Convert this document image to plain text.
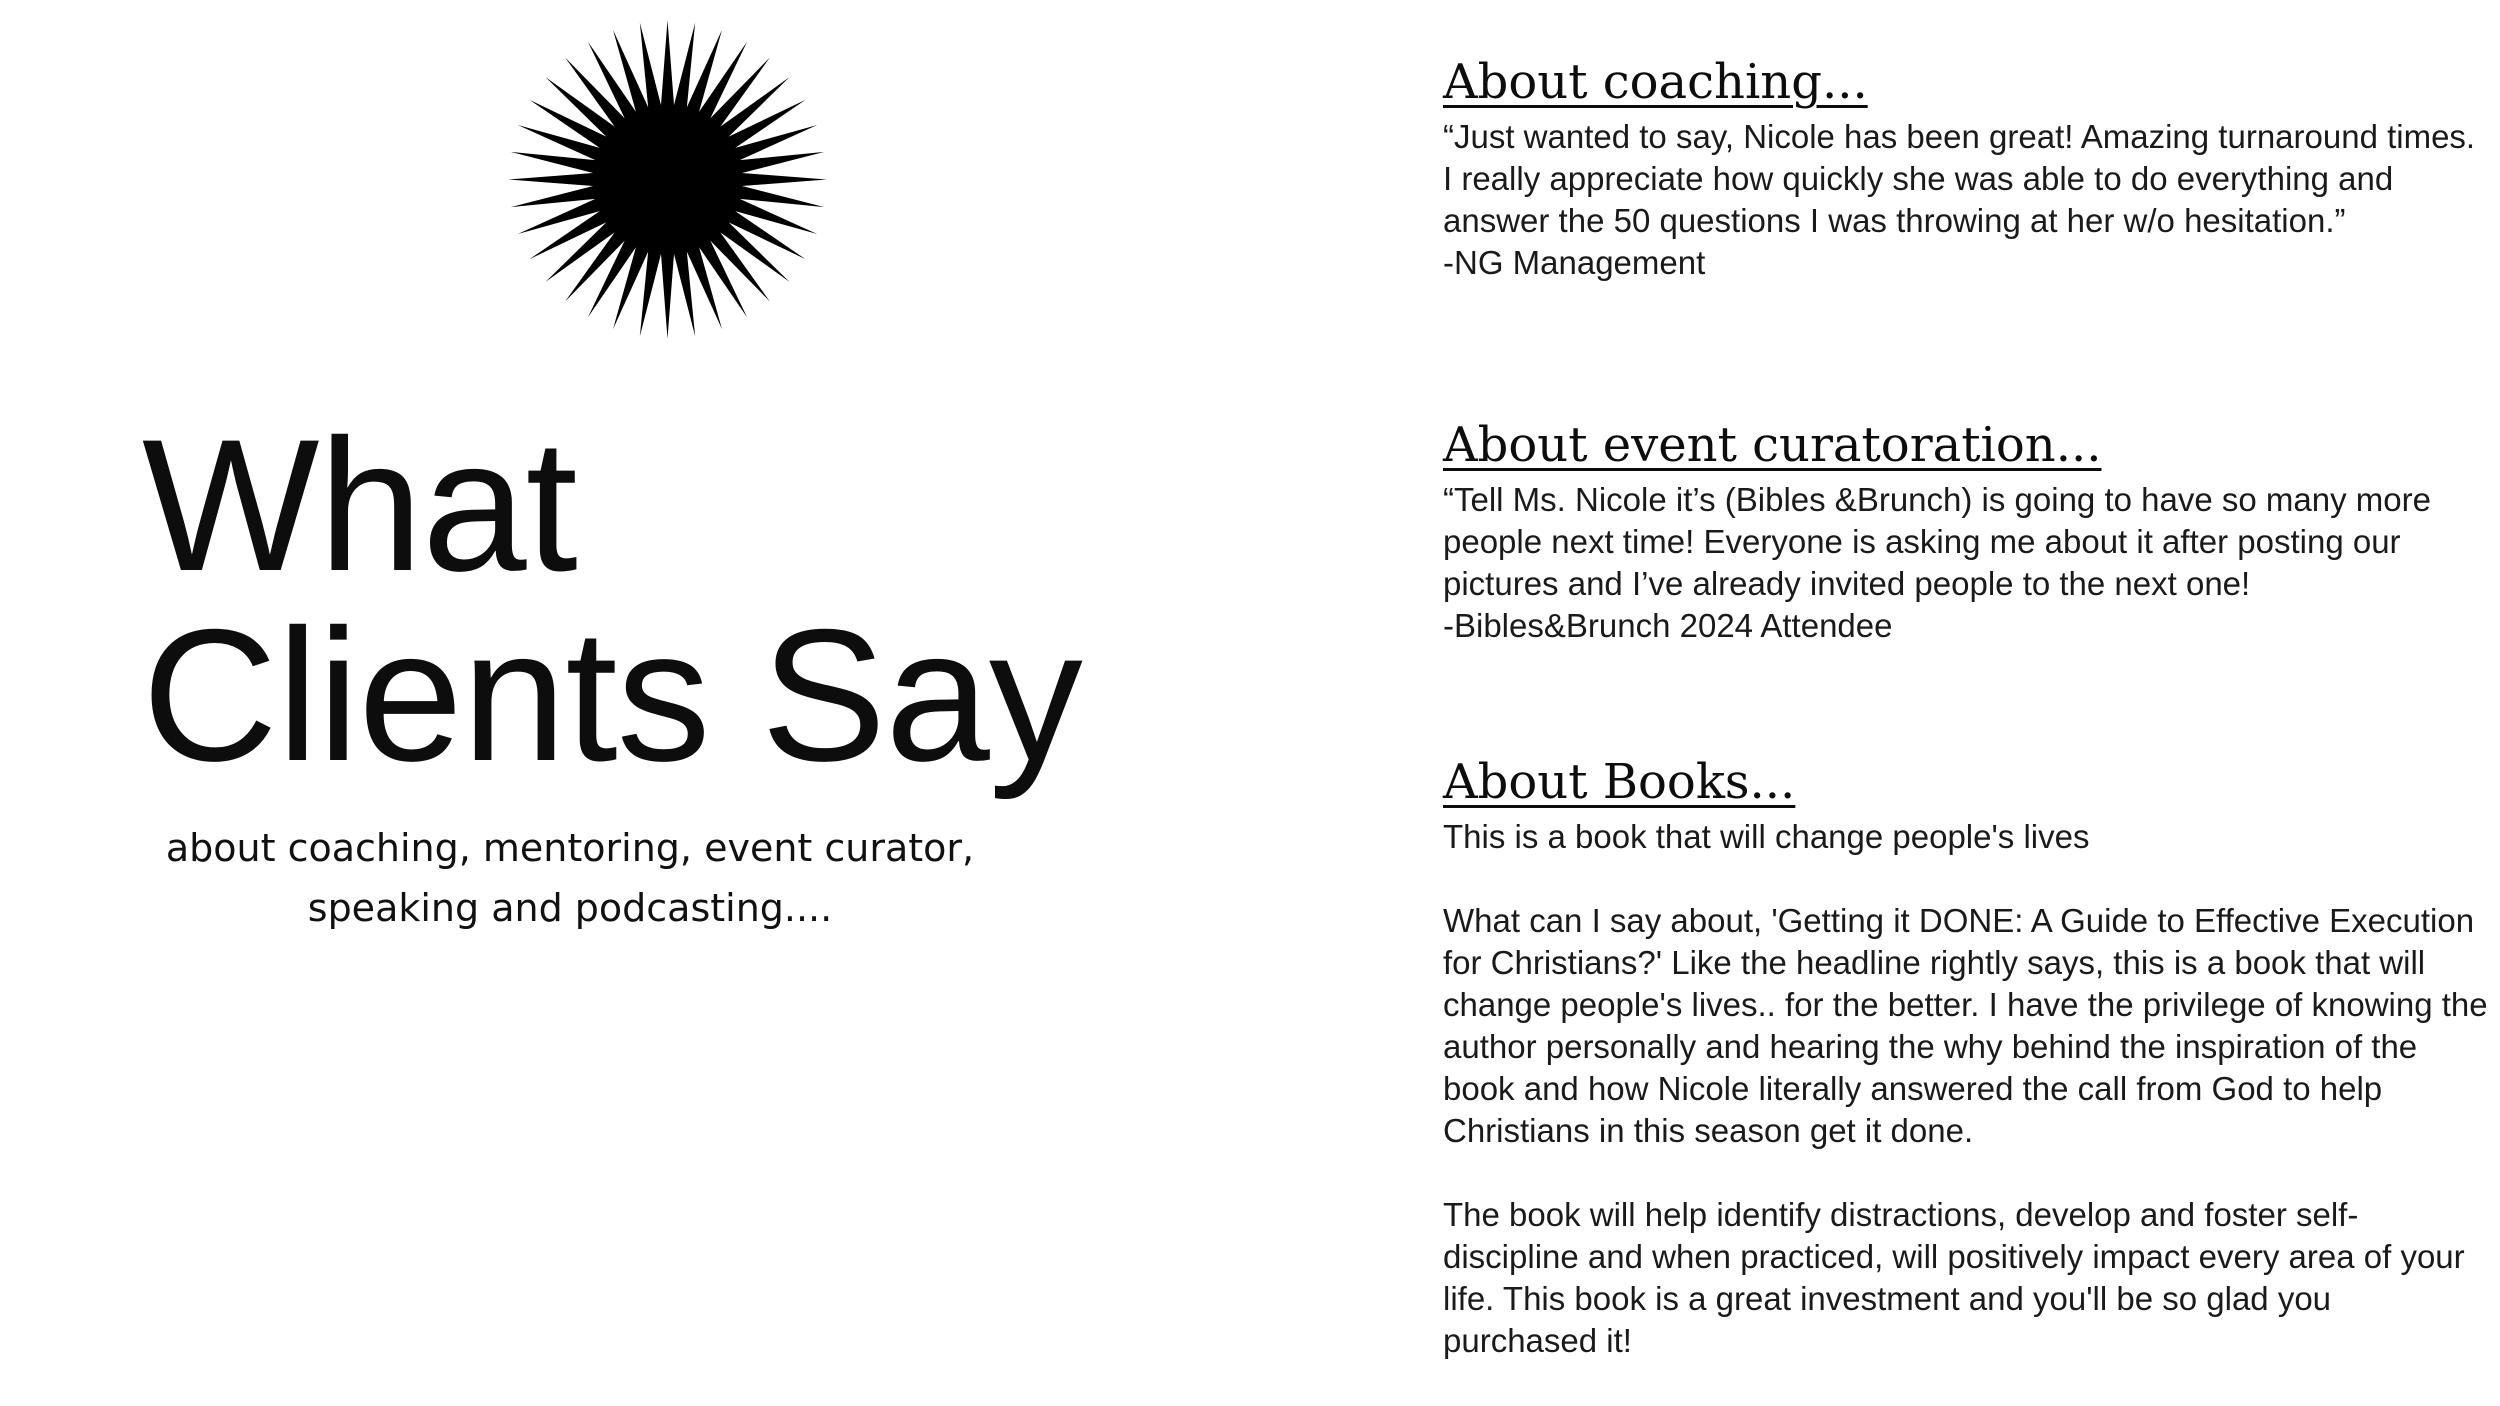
What
Clients Say
about coaching, mentoring, event curator,
speaking and podcasting....
About coaching...

“Just wanted to say, Nicole has been great! Amazing turnaround times. I really appreciate how quickly she was able to do everything and answer the 50 questions I was throwing at her w/o hesitation.”

-NG Management

About event curatoration...

“Tell Ms. Nicole it’s (Bibles &Brunch) is going to have so many more people next time! Everyone is asking me about it after posting our pictures and I’ve already invited people to the next one!

-Bibles&Brunch 2024 Attendee

About Books...

This is a book that will change people's lives

What can I say about, 'Getting it DONE: A Guide to Effective Execution for Christians?' Like the headline rightly says, this is a book that will change people's lives.. for the better. I have the privilege of knowing the author personally and hearing the why behind the inspiration of the book and how Nicole literally answered the call from God to help Christians in this season get it done.

The book will help identify distractions, develop and foster self-discipline and when practiced, will positively impact every area of your life. This book is a great investment and you'll be so glad you purchased it!
